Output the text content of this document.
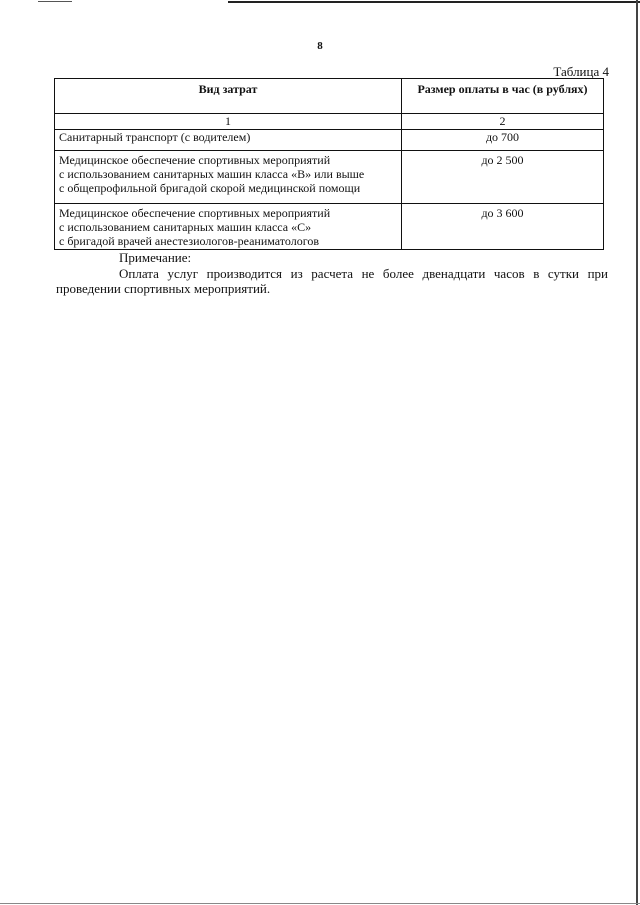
8
Таблица 4
Вид затрат	Размер оплаты в час (в рублях)
1	2

Санитарный транспорт (с водителем)	до 700

Медицинское обеспечение спортивных мероприятий
с использованием санитарных машин класса «В» или выше
с общепрофильной бригадой скорой медицинской помощи	до 2 500

Медицинское обеспечение спортивных мероприятий
с использованием санитарных машин класса «С»
с бригадой врачей анестезиологов-реаниматологов	до 3 600
Примечание:
Оплата услуг производится из расчета не более двенадцати часов в сутки при проведении спортивных мероприятий.
